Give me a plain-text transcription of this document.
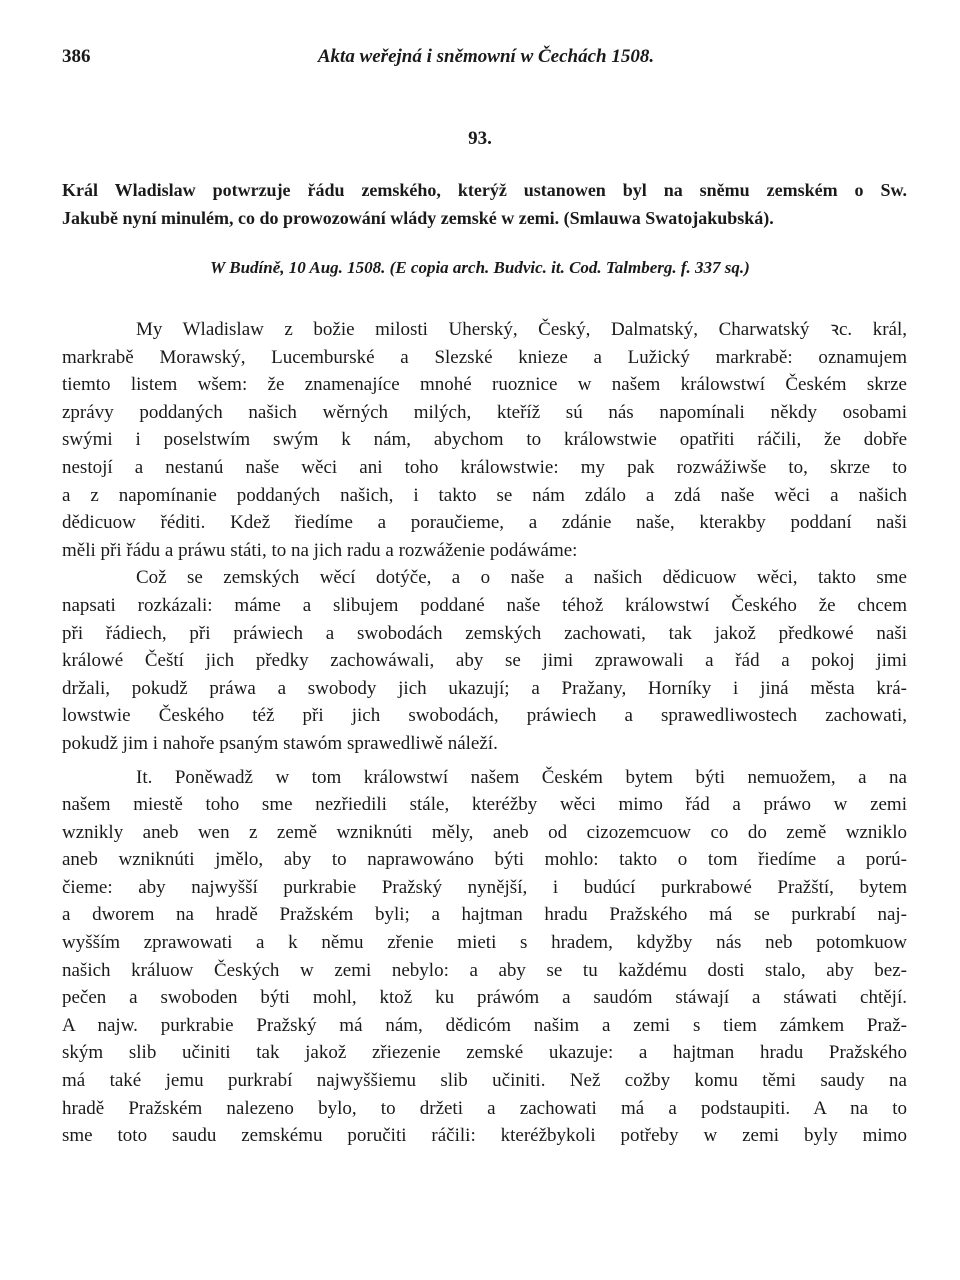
386	Akta weřejná i sněmowní w Čechách 1508.
93.

Král Wladislaw potwrzuje řádu zemského, kterýž ustanowen byl na sněmu zemském o Sw.

Jakubě nyní minulém, co do prowozowání wlády zemské w zemi. (Smlauwa Swatojakubská).

W Budíně, 10 Aug. 1508. (E copia arch. Budvic. it. Cod. Talmberg. f. 337 sq.)
My Wladislaw z božie milosti Uherský, Český, Dalmatský, Charwatský ꝛc. král,
markrabě Morawský, Lucemburské a Slezské knieze a Lužický markrabě: oznamujem
tiemto listem wšem: že znamenajíce mnohé ruoznice w našem králowstwí Českém skrze
zprávy poddaných našich wěrných milých, kteříž sú nás napomínali někdy osobami
swými i poselstwím swým k nám, abychom to králowstwie opatřiti ráčili, že dobře
nestojí a nestanú naše wěci ani toho králowstwie: my pak rozwážiwše to, skrze to
a z napomínanie poddaných našich, i takto se nám zdálo a zdá naše wěci a našich
dědicuow řéditi. Kdež řiedíme a poraučieme, a zdánie naše, kterakby poddaní naši
měli při řádu a práwu státi, to na jich radu a rozwáženie podáwáme:
Což se zemských wěcí dotýče, a o naše a našich dědicuow wěci, takto sme
napsati rozkázali: máme a slibujem poddané naše téhož králowstwí Českého že chcem
při řádiech, při práwiech a swobodách zemských zachowati, tak jakož předkowé naši
králowé Čeští jich předky zachowáwali, aby se jimi zprawowali a řád a pokoj jimi
držali, pokudž práwa a swobody jich ukazují; a Pražany, Horníky i jiná města krá-
lowstwie Českého též při jich swobodách, práwiech a sprawedliwostech zachowati,
pokudž jim i nahoře psaným stawóm sprawedliwě náleží.
It. Poněwadž w tom králowstwí našem Českém bytem býti nemuožem, a na
našem miestě toho sme nezřiedili stále, kteréžby wěci mimo řád a práwo w zemi
wznikly aneb wen z země wzniknúti měly, aneb od cizozemcuow co do země wzniklo
aneb wzniknúti jmělo, aby to naprawowáno býti mohlo: takto o tom řiedíme a porú-
čieme: aby najwyšší purkrabie Pražský nynější, i budúcí purkrabowé Pražští, bytem
a dworem na hradě Pražském byli; a hajtman hradu Pražského má se purkrabí naj-
wyšším zprawowati a k němu zřenie mieti s hradem, kdyžby nás neb potomkuow
našich králuow Českých w zemi nebylo: a aby se tu každému dosti stalo, aby bez-
pečen a swoboden býti mohl, ktož ku práwóm a saudóm stáwají a stáwati chtějí.
A najw. purkrabie Pražský má nám, dědicóm našim a zemi s tiem zámkem Praž-
ským slib učiniti tak jakož zřiezenie zemské ukazuje: a hajtman hradu Pražského
má také jemu purkrabí najwyššiemu slib učiniti. Než cožby komu těmi saudy na
hradě Pražském nalezeno bylo, to držeti a zachowati má a podstaupiti. A na to
sme toto saudu zemskému poručiti ráčili: kteréžbykoli potřeby w zemi byly mimo
